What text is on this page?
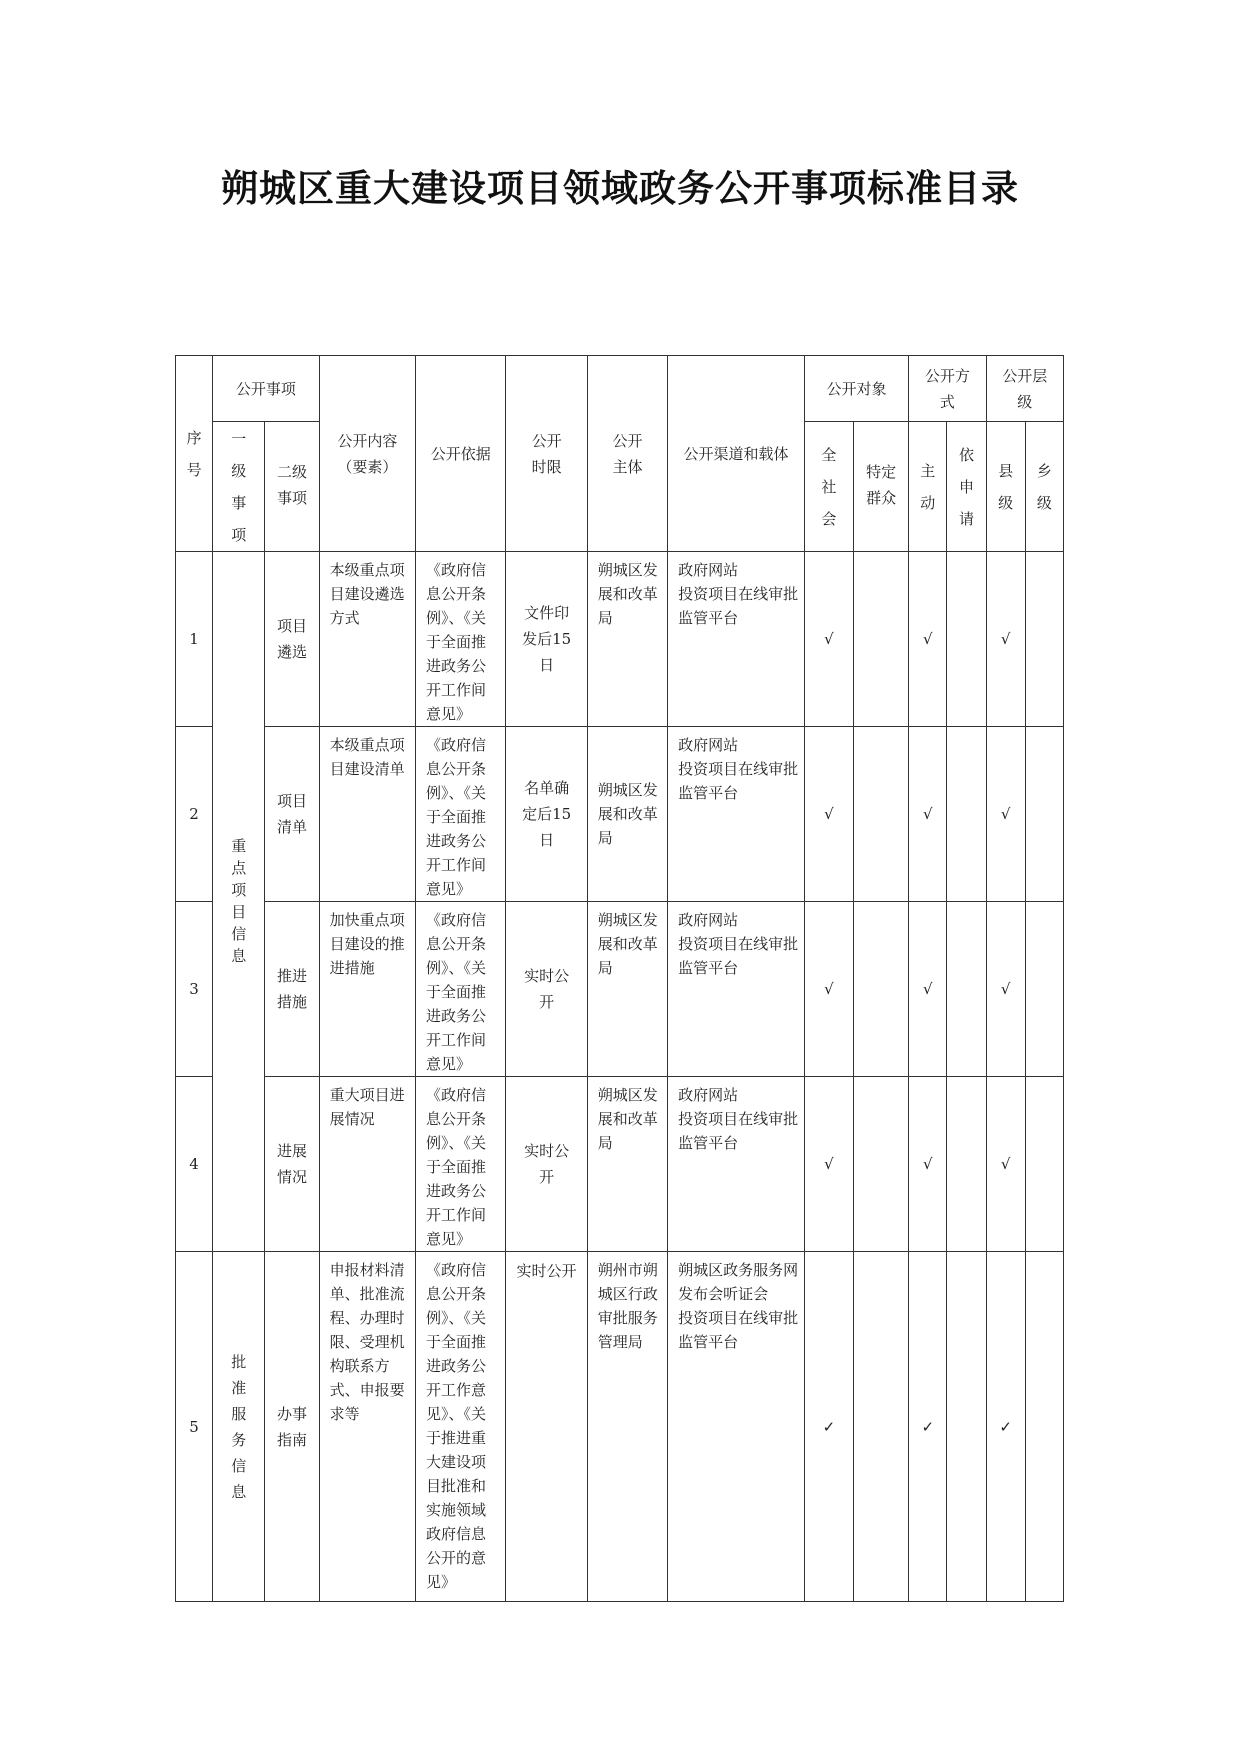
朔城区重大建设项目领域政务公开事项标准目录
序号	公开事项		公开内容（要素）	公开依据	公开时限	公开主体	公开渠道和载体	公开对象		公开方式		公开层级	
	一级事项	二级事项						全社会	特定群众	主动	依申请	县级	乡级
1	重点项目信息	项目遴选	本级重点项目建设遴选方式	《政府信息公开条例》、《关于全面推进政务公开工作间意见》	文件印发后15日	朔城区发展和改革局	政府网站
投资项目在线审批监管平台	√		√		√	
2		项目清单	本级重点项目建设清单	《政府信息公开条例》、《关于全面推进政务公开工作间意见》	名单确定后15日	朔城区发展和改革局	政府网站
投资项目在线审批监管平台	√		√		√	
3		推进措施	加快重点项目建设的推进措施	《政府信息公开条例》、《关于全面推进政务公开工作间意见》	实时公开	朔城区发展和改革局	政府网站
投资项目在线审批监管平台	√		√		√	
4		进展情况	重大项目进展情况	《政府信息公开条例》、《关于全面推进政务公开工作间意见》	实时公开	朔城区发展和改革局	政府网站
投资项目在线审批监管平台	√		√		√	
5	批准服务信息	办事指南	申报材料清单、批准流程、办理时限、受理机构联系方式、申报要求等	《政府信息公开条例》、《关于全面推进政务公开工作意见》、《关于推进重大建设项目批准和实施领域政府信息公开的意见》	实时公开	朔州市朔城区行政审批服务管理局	朔城区政务服务网
发布会听证会
投资项目在线审批监管平台	✓		✓		✓	
